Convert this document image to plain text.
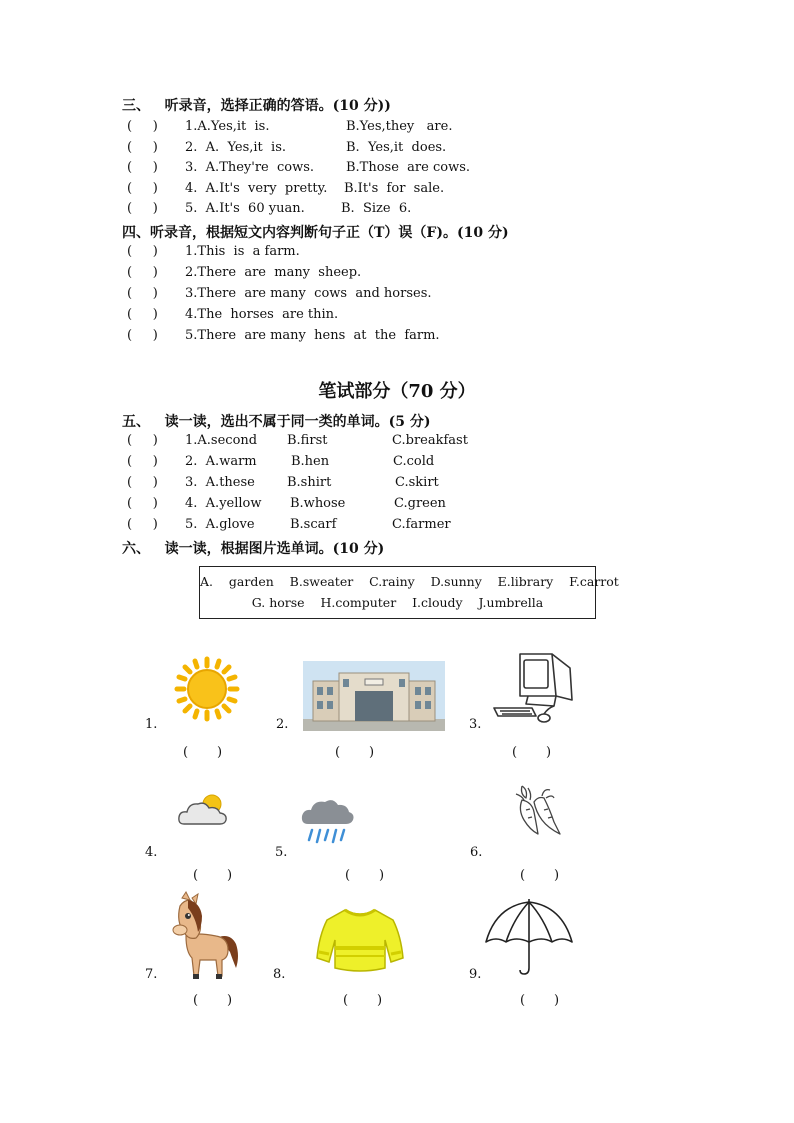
三、   听录音，选择正确的答语。(10 分))
(     ) 1.A.Yes,it  is.	B.Yes,they   are.
(     ) 2.  A.  Yes,it  is.	B.  Yes,it  does.
(     ) 3.  A.They're  cows. B.Those  are cows.
(     ) 4.  A.It's  very  pretty. B.It's  for  sale.
(     ) 5.  A.It's  60 yuan.	B.  Size  6.
四、听录音，根据短文内容判断句子正（T）误（F)。(10 分)
(     ) 1.This  is  a farm.
(     ) 2.There  are  many  sheep.
(     ) 3.There  are many  cows  and horses.
(     ) 4.The  horses  are thin.
(     ) 5.There  are many  hens  at  the  farm.
笔试部分（70 分）
五、   读一读，选出不属于同一类的单词。(5 分)
(     ) 1.A.second B.first	C.breakfast
(     ) 2.  A.warm	B.hen	C.cold
(     ) 3.  A.these B.shirt	C.skirt
(     ) 4.  A.yellow B.whose	C.green
(     ) 5.  A.glove	B.scarf	C.farmer
六、   读一读，根据图片选单词。(10 分)
A.    garden    B.sweater    C.rainy    D.sunny    E.library    F.carrot
G. horse    H.computer    I.cloudy    J.umbrella
1.
(       )
2.
(       )
3.
(       )
4.
(       )
5.
(       )
6.
(       )
7.
(       )
8.
(       )
9.
(       )
